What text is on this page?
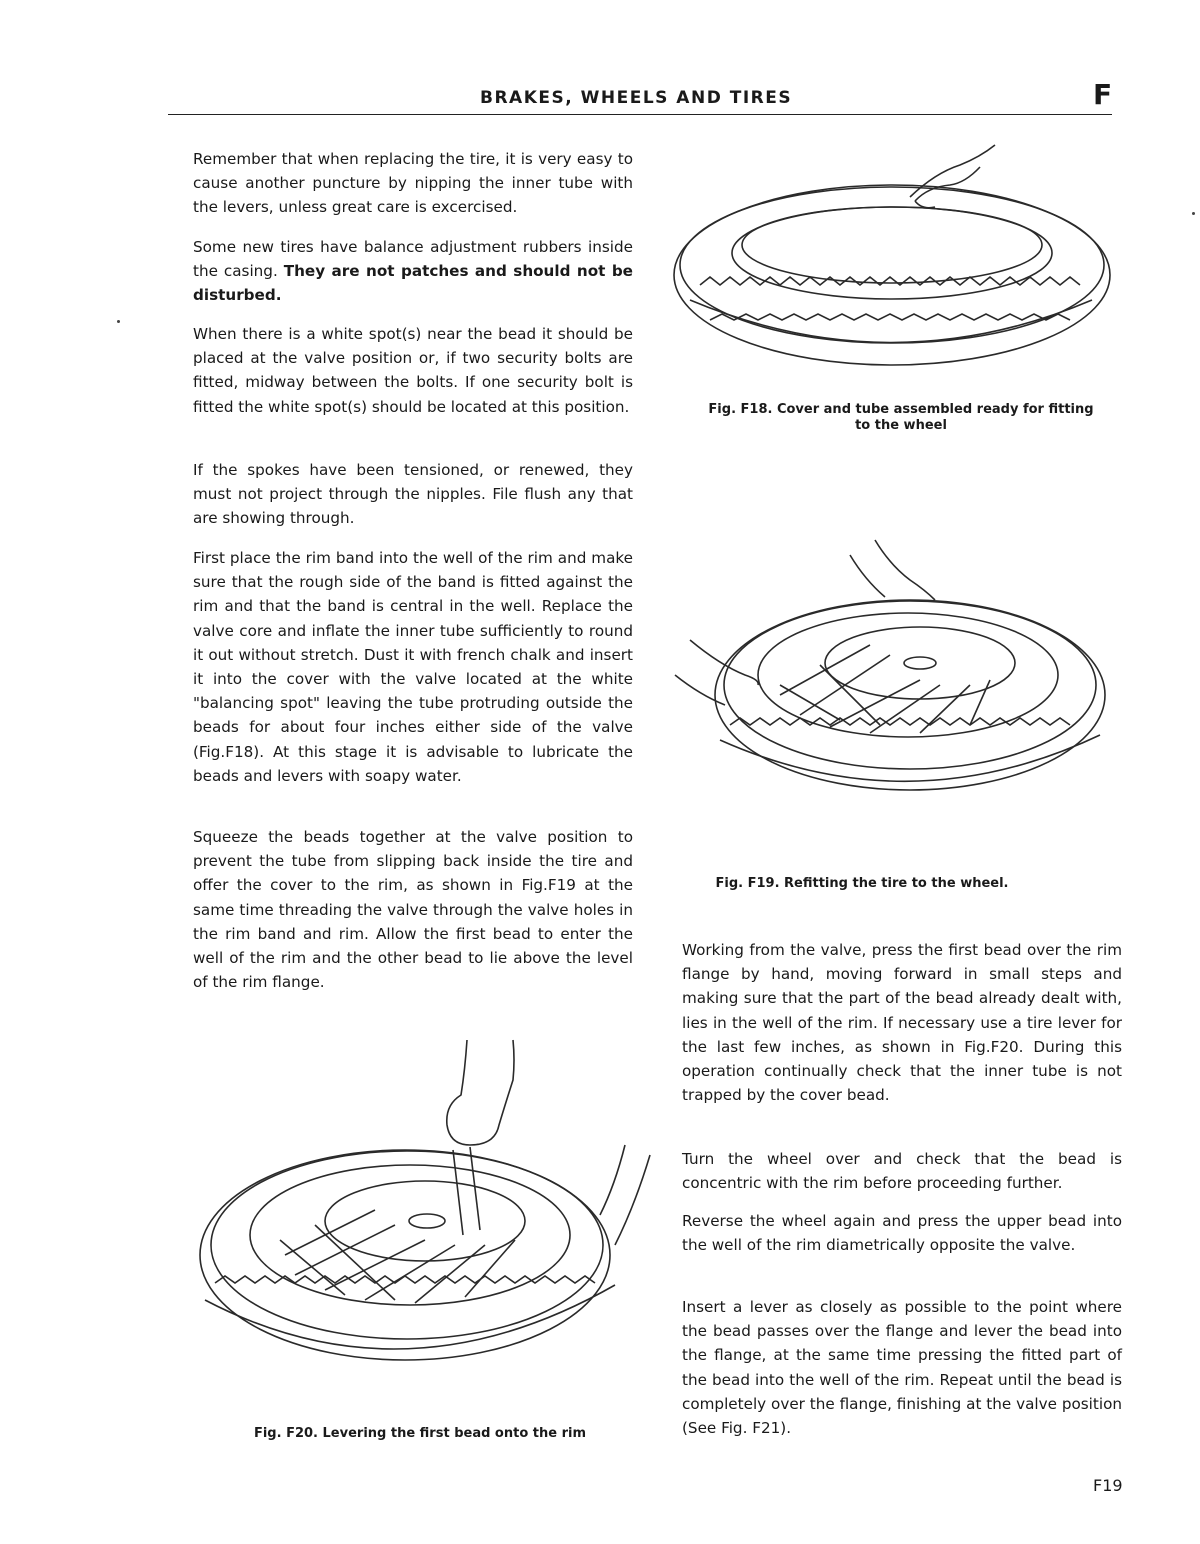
BRAKES, WHEELS AND TIRES	F

Remember that when replacing the tire, it is very easy to cause another puncture by nipping the inner tube with the levers, unless great care is excercised.

Some new tires have balance adjustment rubbers inside the casing. They are not patches and should not be disturbed.

When there is a white spot(s) near the bead it should be placed at the valve position or, if two security bolts are fitted, midway between the bolts. If one security bolt is fitted the white spot(s) should be located at this position.

If the spokes have been tensioned, or renewed, they must not project through the nipples. File flush any that are showing through.

First place the rim band into the well of the rim and make sure that the rough side of the band is fitted against the rim and that the band is central in the well. Replace the valve core and inflate the inner tube sufficiently to round it out without stretch. Dust it with french chalk and insert it into the cover with the valve located at the white "balancing spot" leaving the tube protruding outside the beads for about four inches either side of the valve (Fig.F18). At this stage it is advisable to lubricate the beads and levers with soapy water.

Squeeze the beads together at the valve position to prevent the tube from slipping back inside the tire and offer the cover to the rim, as shown in Fig.F19 at the same time threading the valve through the valve holes in the rim band and rim. Allow the first bead to enter the well of the rim and the other bead to lie above the level of the rim flange.

Working from the valve, press the first bead over the rim flange by hand, moving forward in small steps and making sure that the part of the bead already dealt with, lies in the well of the rim. If necessary use a tire lever for the last few inches, as shown in Fig.F20. During this operation continually check that the inner tube is not trapped by the cover bead.

Turn the wheel over and check that the bead is concentric with the rim before proceeding further.

Reverse the wheel again and press the upper bead into the well of the rim diametrically opposite the valve.

Insert a lever as closely as possible to the point where the bead passes over the flange and lever the bead into the flange, at the same time pressing the fitted part of the bead into the well of the rim. Repeat until the bead is completely over the flange, finishing at the valve position (See Fig. F21).

Fig. F18. Cover and tube assembled ready for fitting
to the wheel

Fig. F19. Refitting the tire to the wheel.

Fig. F20. Levering the first bead onto the rim

F19
